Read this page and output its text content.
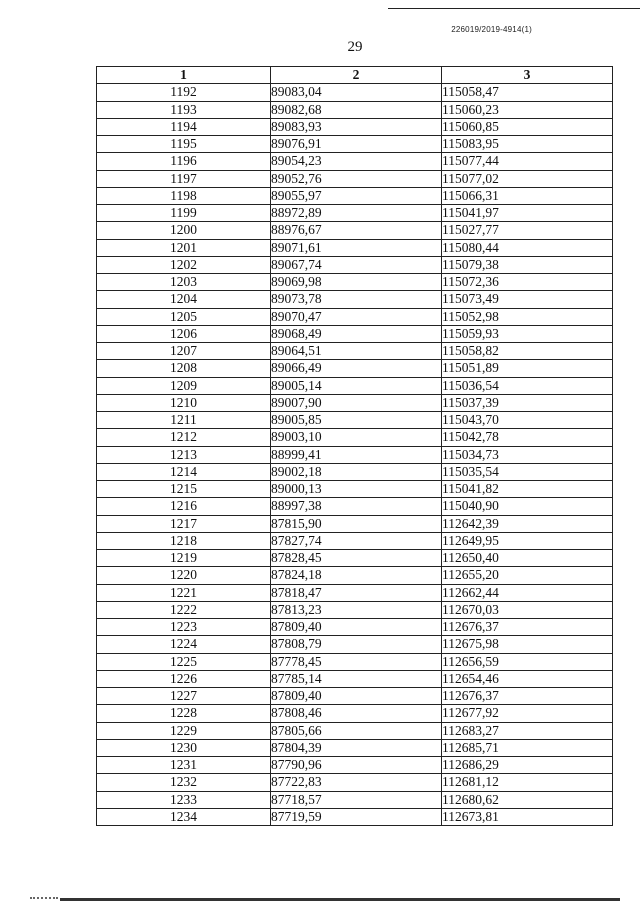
226019/2019-4914(1)
29
1	2	3
1192	89083,04	115058,47
1193	89082,68	115060,23
1194	89083,93	115060,85
1195	89076,91	115083,95
1196	89054,23	115077,44
1197	89052,76	115077,02
1198	89055,97	115066,31
1199	88972,89	115041,97
1200	88976,67	115027,77
1201	89071,61	115080,44
1202	89067,74	115079,38
1203	89069,98	115072,36
1204	89073,78	115073,49
1205	89070,47	115052,98
1206	89068,49	115059,93
1207	89064,51	115058,82
1208	89066,49	115051,89
1209	89005,14	115036,54
1210	89007,90	115037,39
1211	89005,85	115043,70
1212	89003,10	115042,78
1213	88999,41	115034,73
1214	89002,18	115035,54
1215	89000,13	115041,82
1216	88997,38	115040,90
1217	87815,90	112642,39
1218	87827,74	112649,95
1219	87828,45	112650,40
1220	87824,18	112655,20
1221	87818,47	112662,44
1222	87813,23	112670,03
1223	87809,40	112676,37
1224	87808,79	112675,98
1225	87778,45	112656,59
1226	87785,14	112654,46
1227	87809,40	112676,37
1228	87808,46	112677,92
1229	87805,66	112683,27
1230	87804,39	112685,71
1231	87790,96	112686,29
1232	87722,83	112681,12
1233	87718,57	112680,62
1234	87719,59	112673,81
